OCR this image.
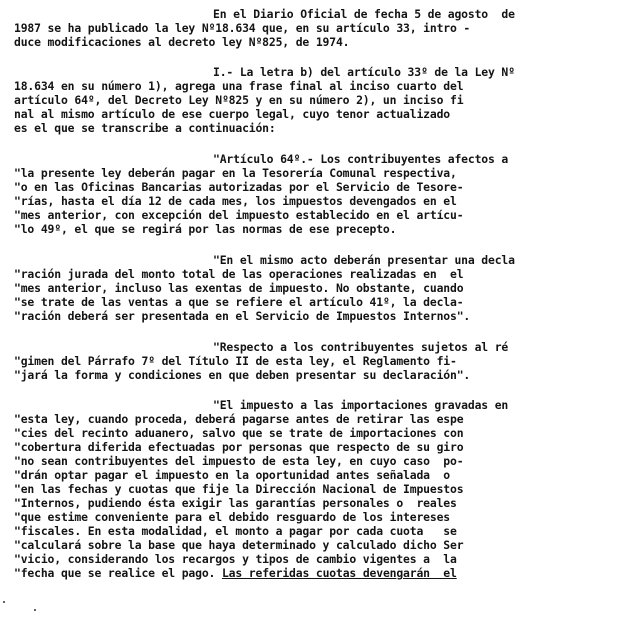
En el Diario Oficial de fecha 5 de agosto  de
1987 se ha publicado la ley Nº18.634 que, en su artículo 33, intro -
duce modificaciones al decreto ley Nº825, de 1974.
I.- La letra b) del artículo 33º de la Ley Nº
18.634 en su número 1), agrega una frase final al inciso cuarto del
artículo 64º, del Decreto Ley Nº825 y en su número 2), un inciso fi
nal al mismo artículo de ese cuerpo legal, cuyo tenor actualizado
es el que se transcribe a continuación:
"Artículo 64º.- Los contribuyentes afectos a
"la presente ley deberán pagar en la Tesorería Comunal respectiva,
"o en las Oficinas Bancarias autorizadas por el Servicio de Tesore-
"rías, hasta el día 12 de cada mes, los impuestos devengados en el
"mes anterior, con excepción del impuesto establecido en el artícu-
"lo 49º, el que se regirá por las normas de ese precepto.
"En el mismo acto deberán presentar una decla
"ración jurada del monto total de las operaciones realizadas en  el
"mes anterior, incluso las exentas de impuesto. No obstante, cuando
"se trate de las ventas a que se refiere el artículo 41º, la decla-
"ración deberá ser presentada en el Servicio de Impuestos Internos".
"Respecto a los contribuyentes sujetos al ré
"gimen del Párrafo 7º del Título II de esta ley, el Reglamento fi-
"jará la forma y condiciones en que deben presentar su declaración".
"El impuesto a las importaciones gravadas en
"esta ley, cuando proceda, deberá pagarse antes de retirar las espe
"cies del recinto aduanero, salvo que se trate de importaciones con
"cobertura diferida efectuadas por personas que respecto de su giro
"no sean contribuyentes del impuesto de esta ley, en cuyo caso  po-
"drán optar pagar el impuesto en la oportunidad antes señalada  o
"en las fechas y cuotas que fije la Dirección Nacional de Impuestos
"Internos, pudiendo ésta exigir las garantías personales o  reales
"que estime conveniente para el debido resguardo de los intereses
"fiscales. En esta modalidad, el monto a pagar por cada cuota   se
"calculará sobre la base que haya determinado y calculado dicho Ser
"vicio, considerando los recargos y tipos de cambio vigentes a  la
"fecha que se realice el pago. Las referidas cuotas devengarán  el
